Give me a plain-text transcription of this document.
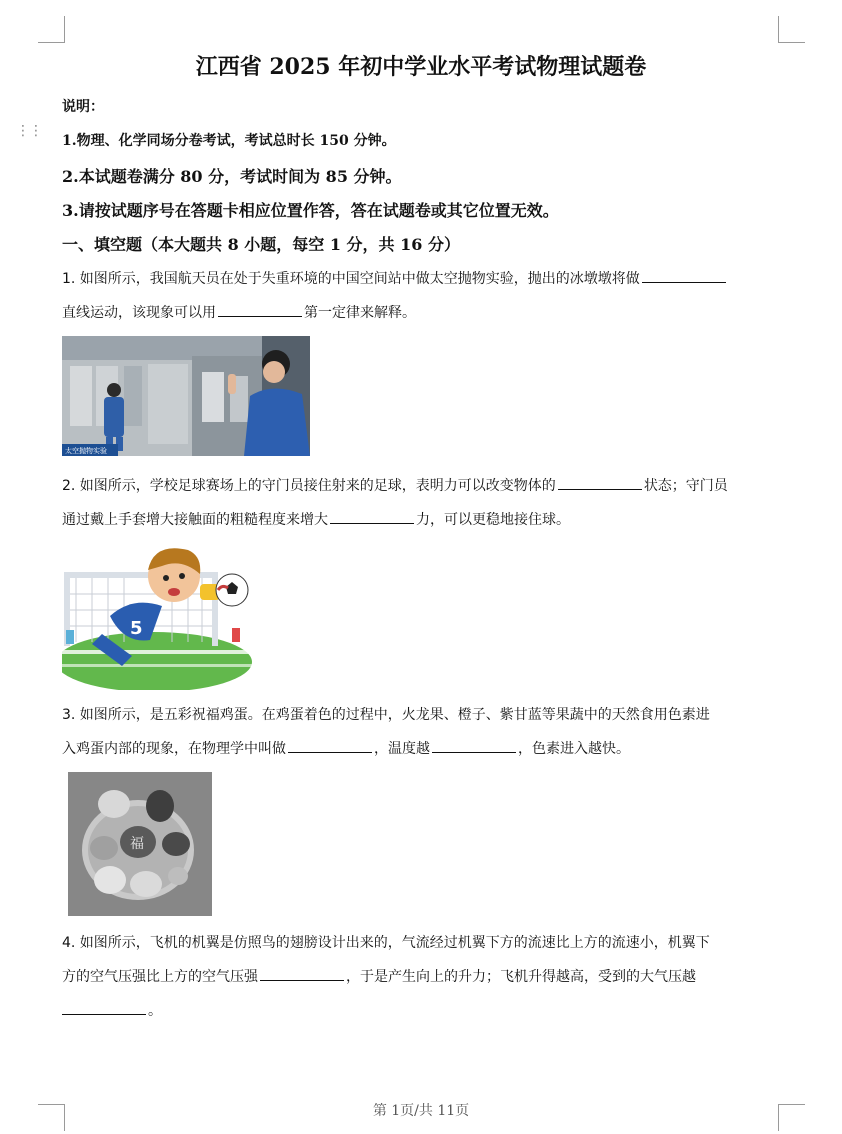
⋮⋮
江西省 2025 年初中学业水平考试物理试题卷
说明：
1.物理、化学同场分卷考试，考试总时长 150 分钟。
2.本试题卷满分 80 分，考试时间为 85 分钟。
3.请按试题序号在答题卡相应位置作答，答在试题卷或其它位置无效。
一、填空题（本大题共 8 小题，每空 1 分，共 16 分）
1. 如图所示，我国航天员在处于失重环境的中国空间站中做太空抛物实验，抛出的冰墩墩将做
直线运动，该现象可以用	第一定律来解释。
太空抛物实验
2. 如图所示，学校足球赛场上的守门员接住射来的足球，表明力可以改变物体的	状态；守门员
通过戴上手套增大接触面的粗糙程度来增大	力，可以更稳地接住球。
5
3. 如图所示，是五彩祝福鸡蛋。在鸡蛋着色的过程中，火龙果、橙子、紫甘蓝等果蔬中的天然食用色素进
入鸡蛋内部的现象，在物理学中叫做	，温度越	，色素进入越快。
福
4. 如图所示，飞机的机翼是仿照鸟的翅膀设计出来的，气流经过机翼下方的流速比上方的流速小，机翼下
方的空气压强比上方的空气压强	，于是产生向上的升力；飞机升得越高，受到的大气压越
。
第 1页/共 11页
